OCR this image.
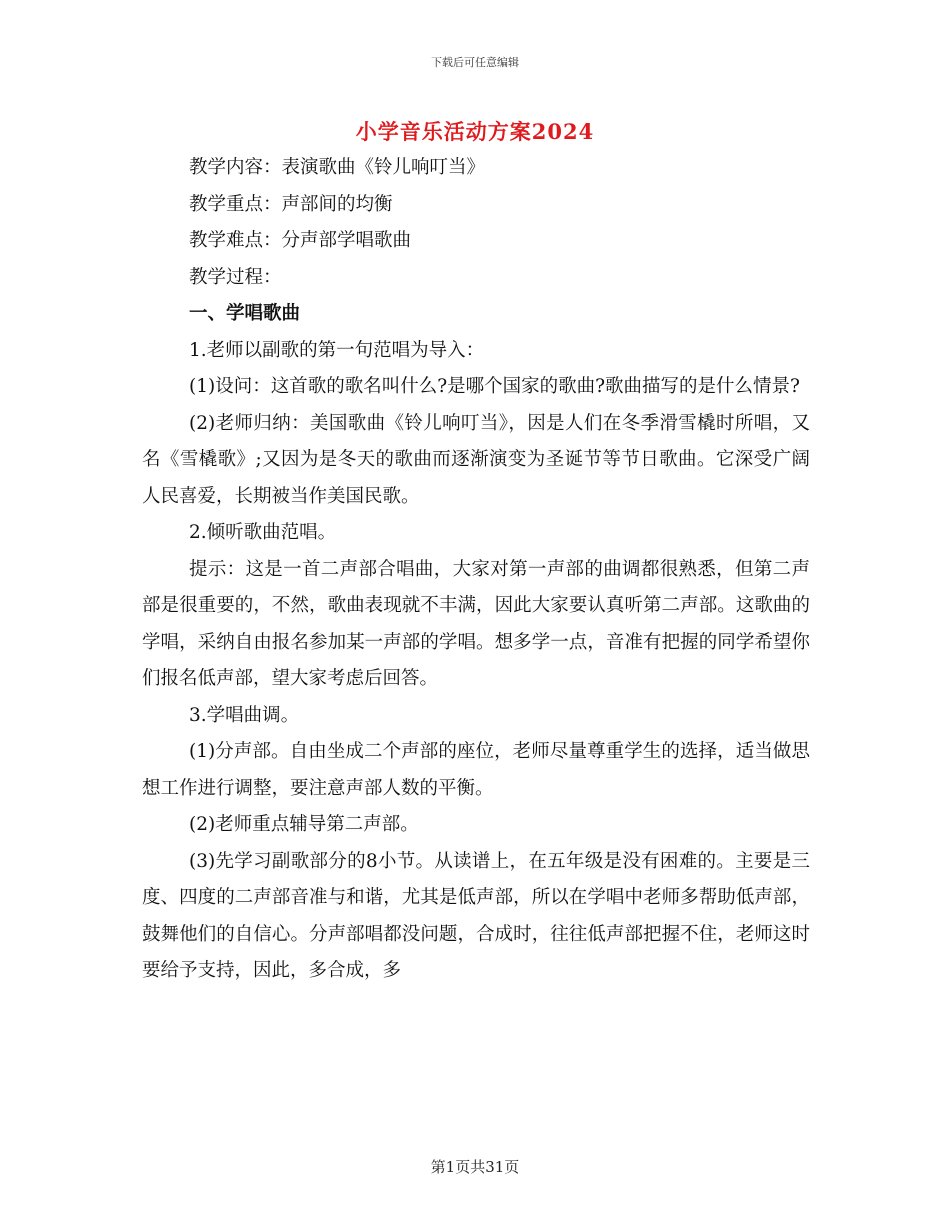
下载后可任意编辑
小学音乐活动方案2024

教学内容：表演歌曲《铃儿响叮当》

教学重点：声部间的均衡

教学难点：分声部学唱歌曲

教学过程：

一、学唱歌曲

1.老师以副歌的第一句范唱为导入：

(1)设问：这首歌的歌名叫什么?是哪个国家的歌曲?歌曲描写的是什么情景?

(2)老师归纳：美国歌曲《铃儿响叮当》，因是人们在冬季滑雪橇时所唱，又名《雪橇歌》;又因为是冬天的歌曲而逐渐演变为圣诞节等节日歌曲。它深受广阔人民喜爱，长期被当作美国民歌。

2.倾听歌曲范唱。

提示：这是一首二声部合唱曲，大家对第一声部的曲调都很熟悉，但第二声部是很重要的，不然，歌曲表现就不丰满，因此大家要认真听第二声部。这歌曲的学唱，采纳自由报名参加某一声部的学唱。想多学一点，音准有把握的同学希望你们报名低声部，望大家考虑后回答。

3.学唱曲调。

(1)分声部。自由坐成二个声部的座位，老师尽量尊重学生的选择，适当做思想工作进行调整，要注意声部人数的平衡。

(2)老师重点辅导第二声部。

(3)先学习副歌部分的8小节。从读谱上，在五年级是没有困难的。主要是三度、四度的二声部音准与和谐，尤其是低声部，所以在学唱中老师多帮助低声部，鼓舞他们的自信心。分声部唱都没问题，合成时，往往低声部把握不住，老师这时要给予支持，因此，多合成，多

第1页共31页
